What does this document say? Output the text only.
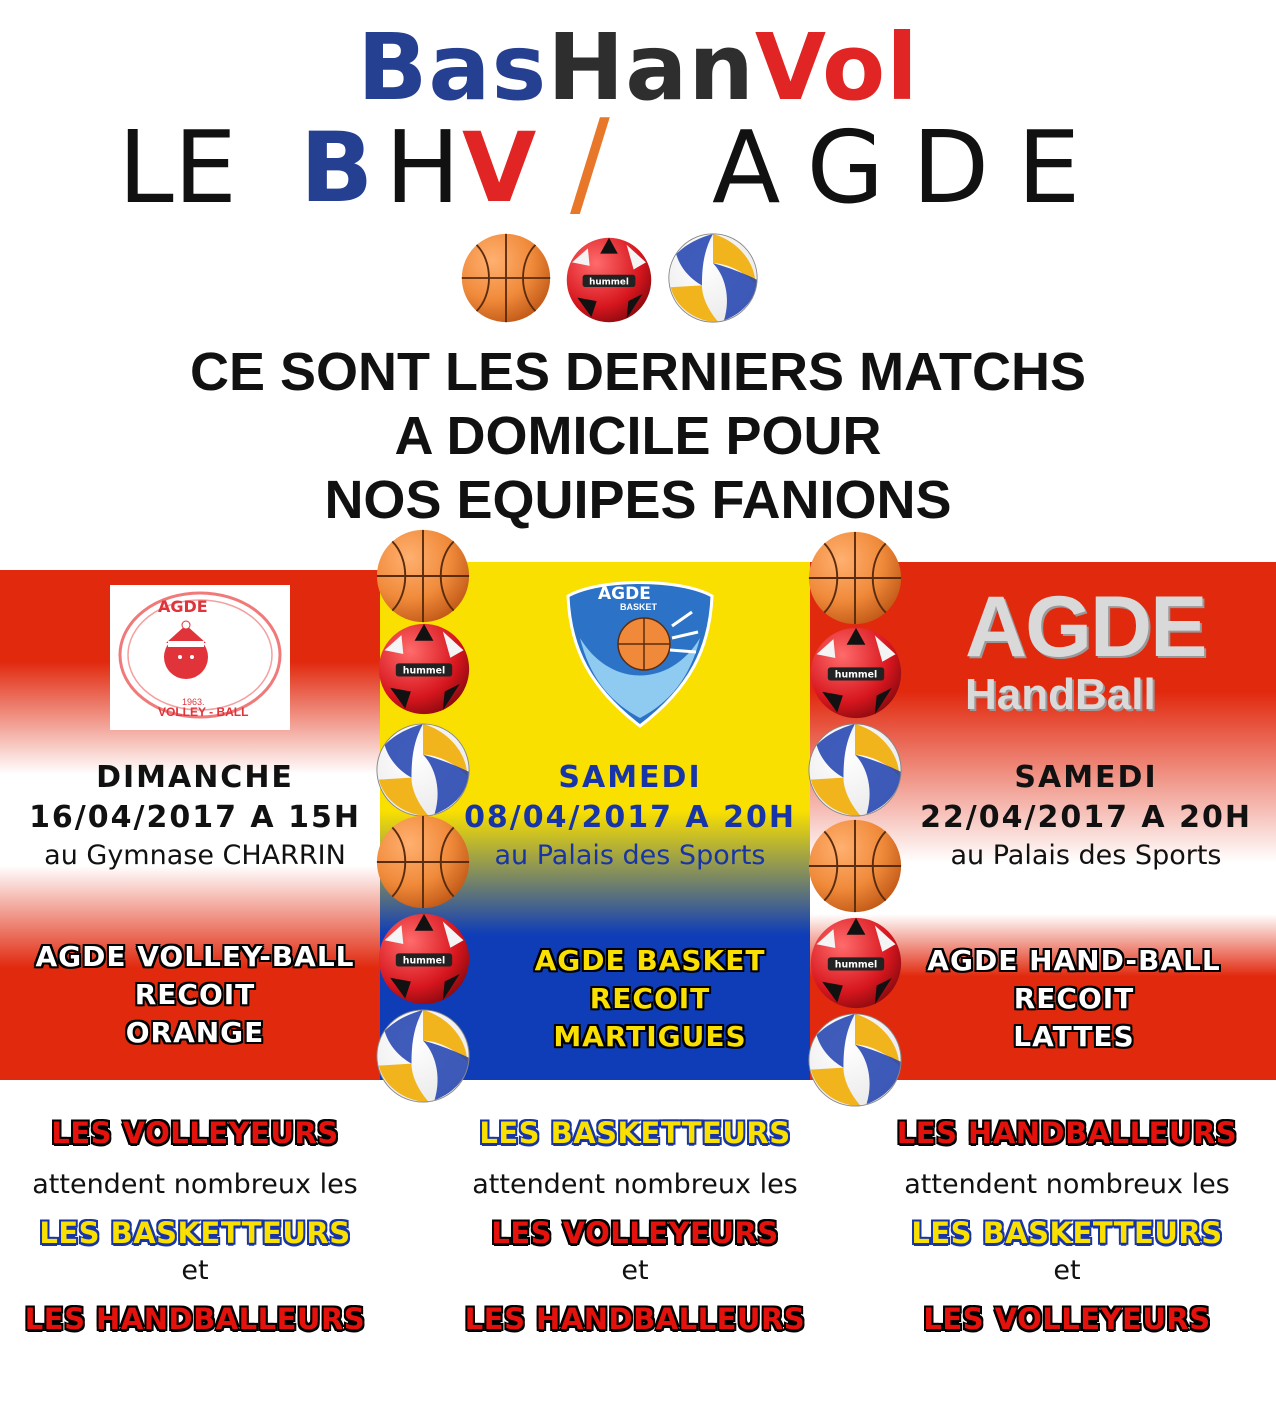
BasHanVol
LE B
H V / AGDE
CE SONT LES DERNIERS MATCHS
A DOMICILE POUR
NOS EQUIPES FANIONS
AGDE
1963.
VOLLEY - BALL
AGDE
BASKET	AGDE
HandBall
DIMANCHE
16/04/2017 A 15H
au Gymnase CHARRIN
AGDE VOLLEY-BALL
RECOIT
ORANGE
SAMEDI
08/04/2017 A 20H
au Palais des Sports
AGDE BASKET
RECOIT
MARTIGUES
SAMEDI
22/04/2017 A 20H
au Palais des Sports
AGDE HAND-BALL
RECOIT
LATTES
LES VOLLEYEURS
attendent nombreux les
LES BASKETTEURS
et
LES HANDBALLEURS
LES BASKETTEURS
attendent nombreux les
LES VOLLEYEURS
et
LES HANDBALLEURS
LES HANDBALLEURS
attendent nombreux les
LES BASKETTEURS
et
LES VOLLEYEURS
